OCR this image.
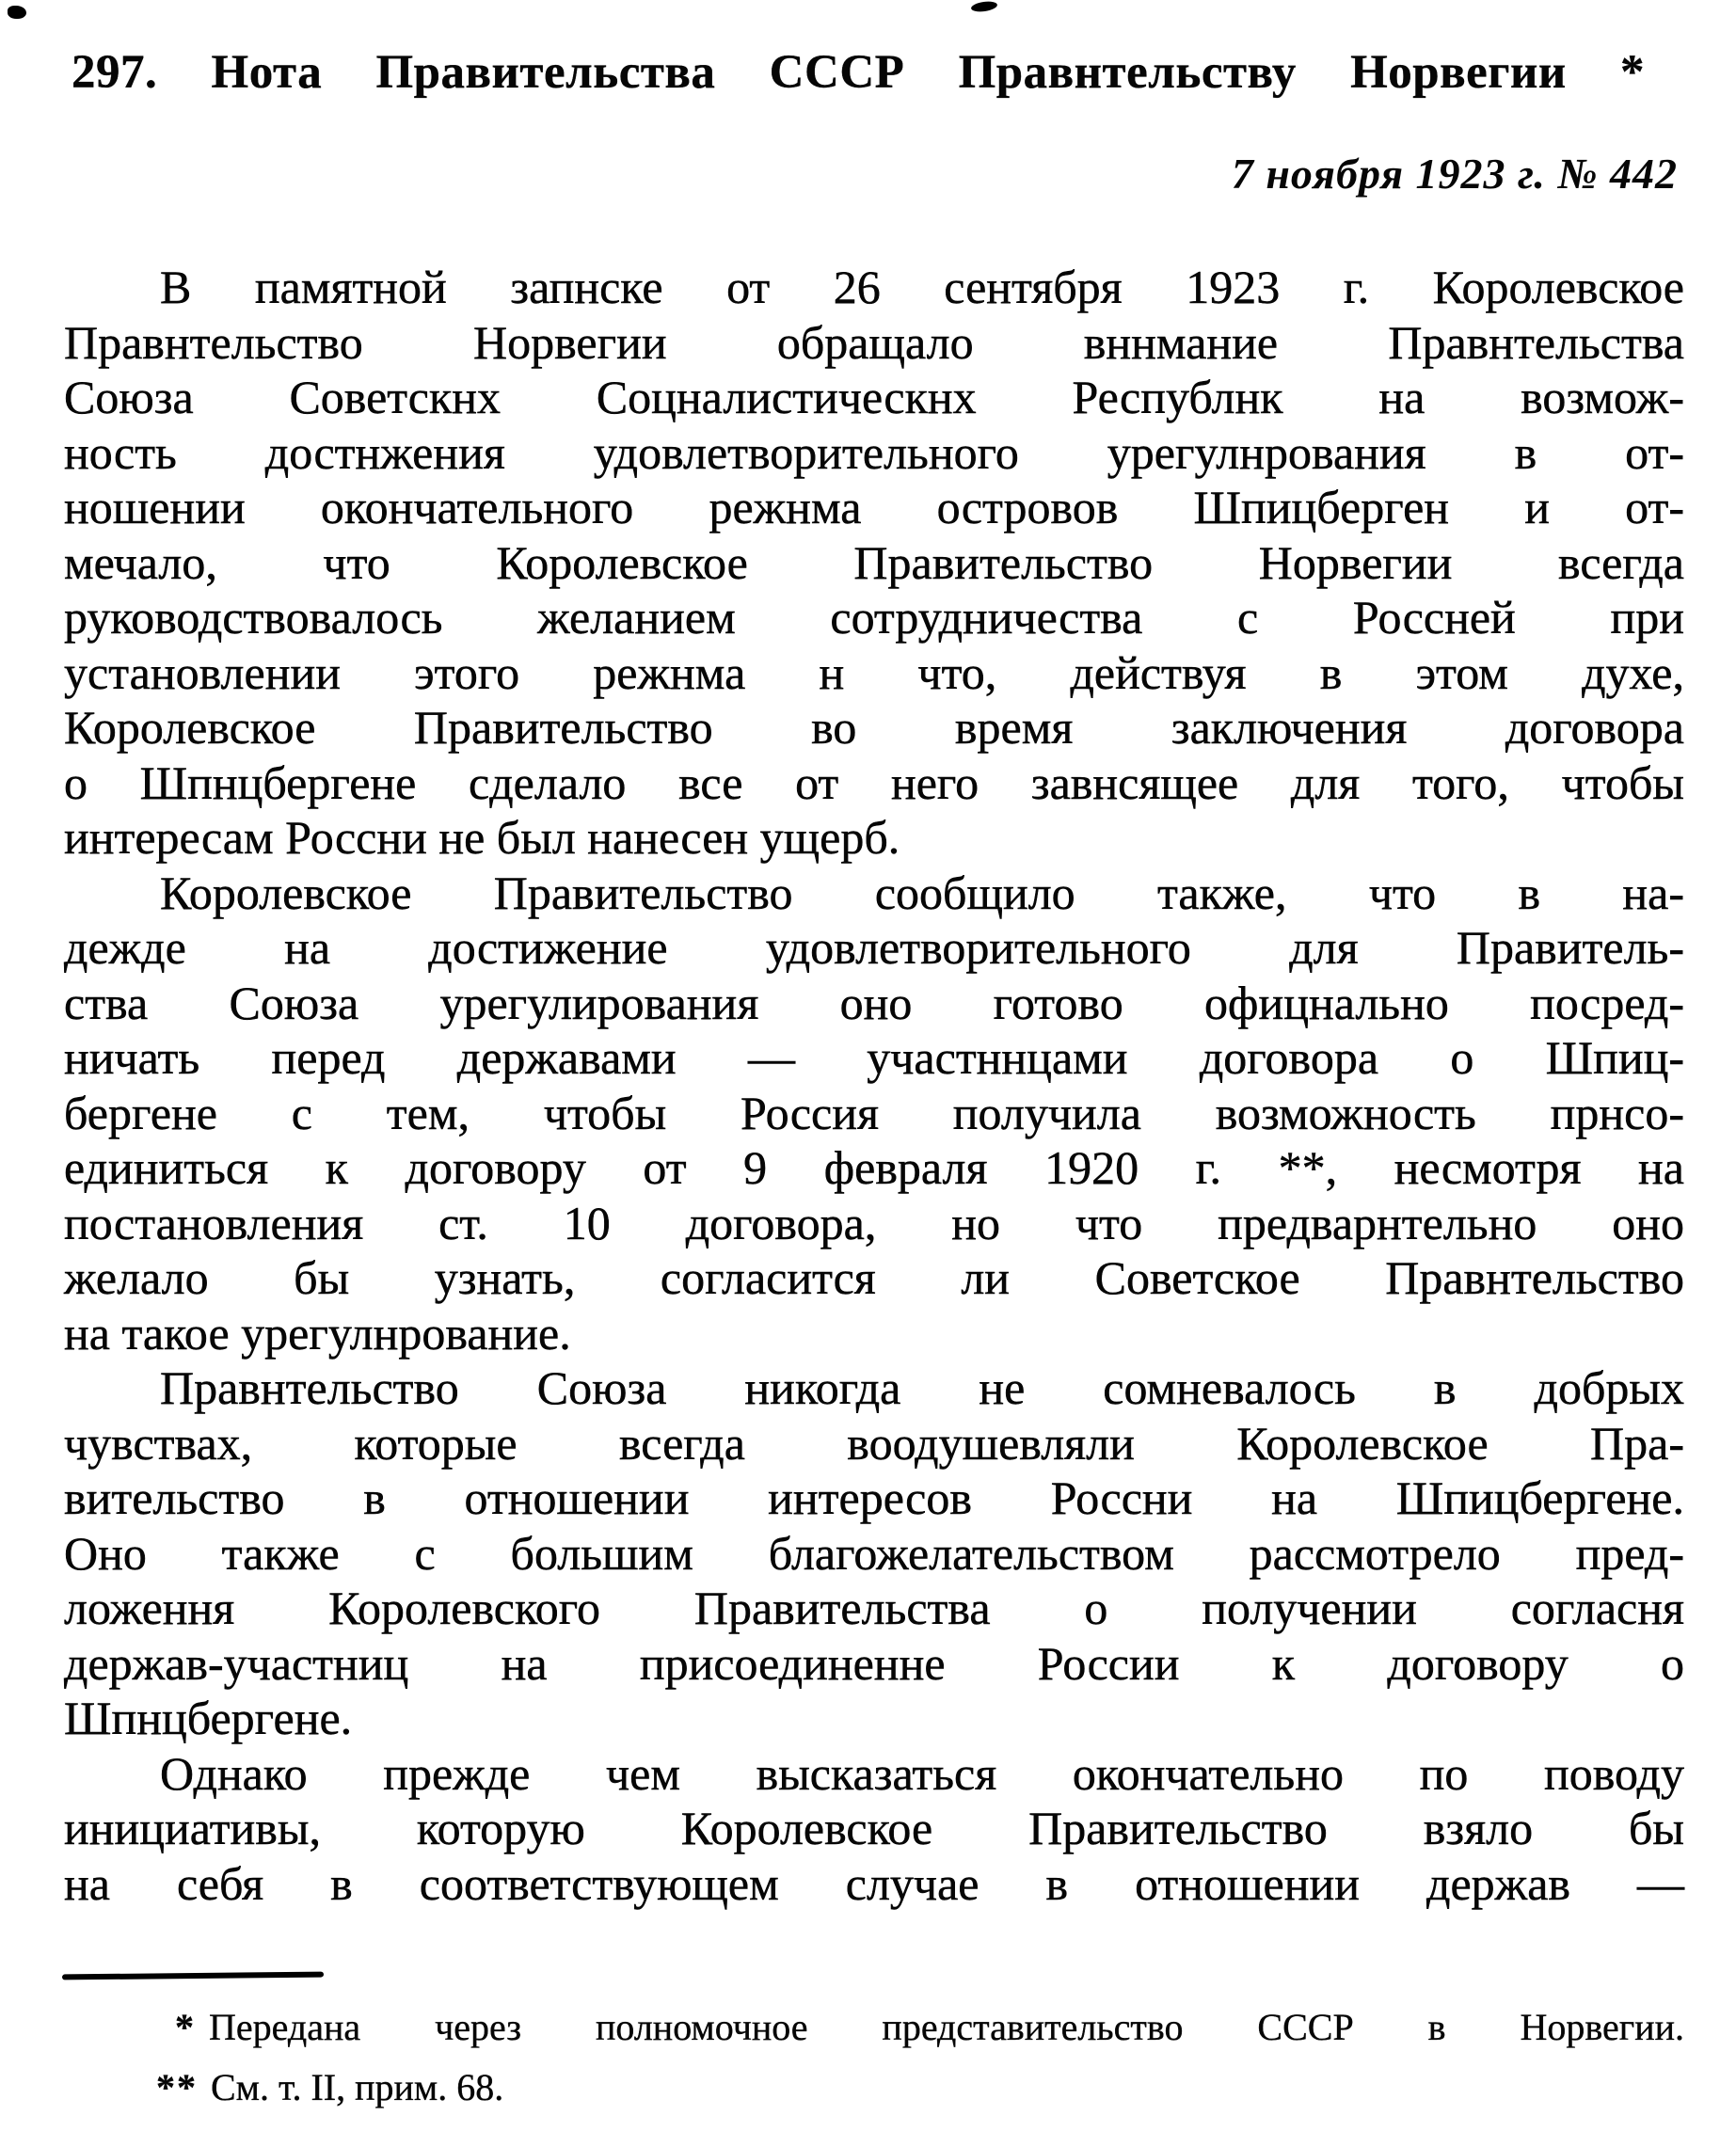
297. Нота Правительства СССР Правнтельству Норвегии *
7 ноября 1923 г. № 442
В памятной запнске от 26 сентября 1923 г. Королевское
Правнтельство Норвегии обращало вннмание Правнтельства
Союза Советскнх Соцналистическнх Республнк на возмож-
ность достнжения удовлетворительного урегулнрования в от-
ношении окончательного режнма островов Шпицберген и от-
мечало, что Королевское Правительство Норвегии всегда
руководствовалось желанием сотрудничества с Россней при
установлении этого режнма н что, действуя в этом духе,
Королевское Правительство во время заключения договора
о Шпнцбергене сделало все от него завнсящее для того, чтобы
интересам Россни не был нанесен ущерб.
Королевское Правительство сообщило также, что в на-
дежде на достижение удовлетворительного для Правитель-
ства Союза урегулирования оно готово офицнально посред-
ничать перед державами — участннцами договора о Шпиц-
бергене с тем, чтобы Россия получила возможность прнсо-
единиться к договору от 9 февраля 1920 г. **, несмотря на
постановления ст. 10 договора, но что предварнтельно оно
желало бы узнать, согласится ли Советское Правнтельство
на такое урегулнрование.
Правнтельство Союза никогда не сомневалось в добрых
чувствах, которые всегда воодушевляли Королевское Пра-
вительство в отношении интересов Россни на Шпицбергене.
Оно также с большим благожелательством рассмотрело пред-
ложення Королевского Правительства о получении согласня
держав-участниц на присоединенне России к договору о
Шпнцбергене.
Однако прежде чем высказаться окончательно по поводу
инициативы, которую Королевское Правительство взяло бы
на себя в соответствующем случае в отношении держав —
* Передана через полномочное представительство СССР в Норвегии.
** См. т. II, прим. 68.
